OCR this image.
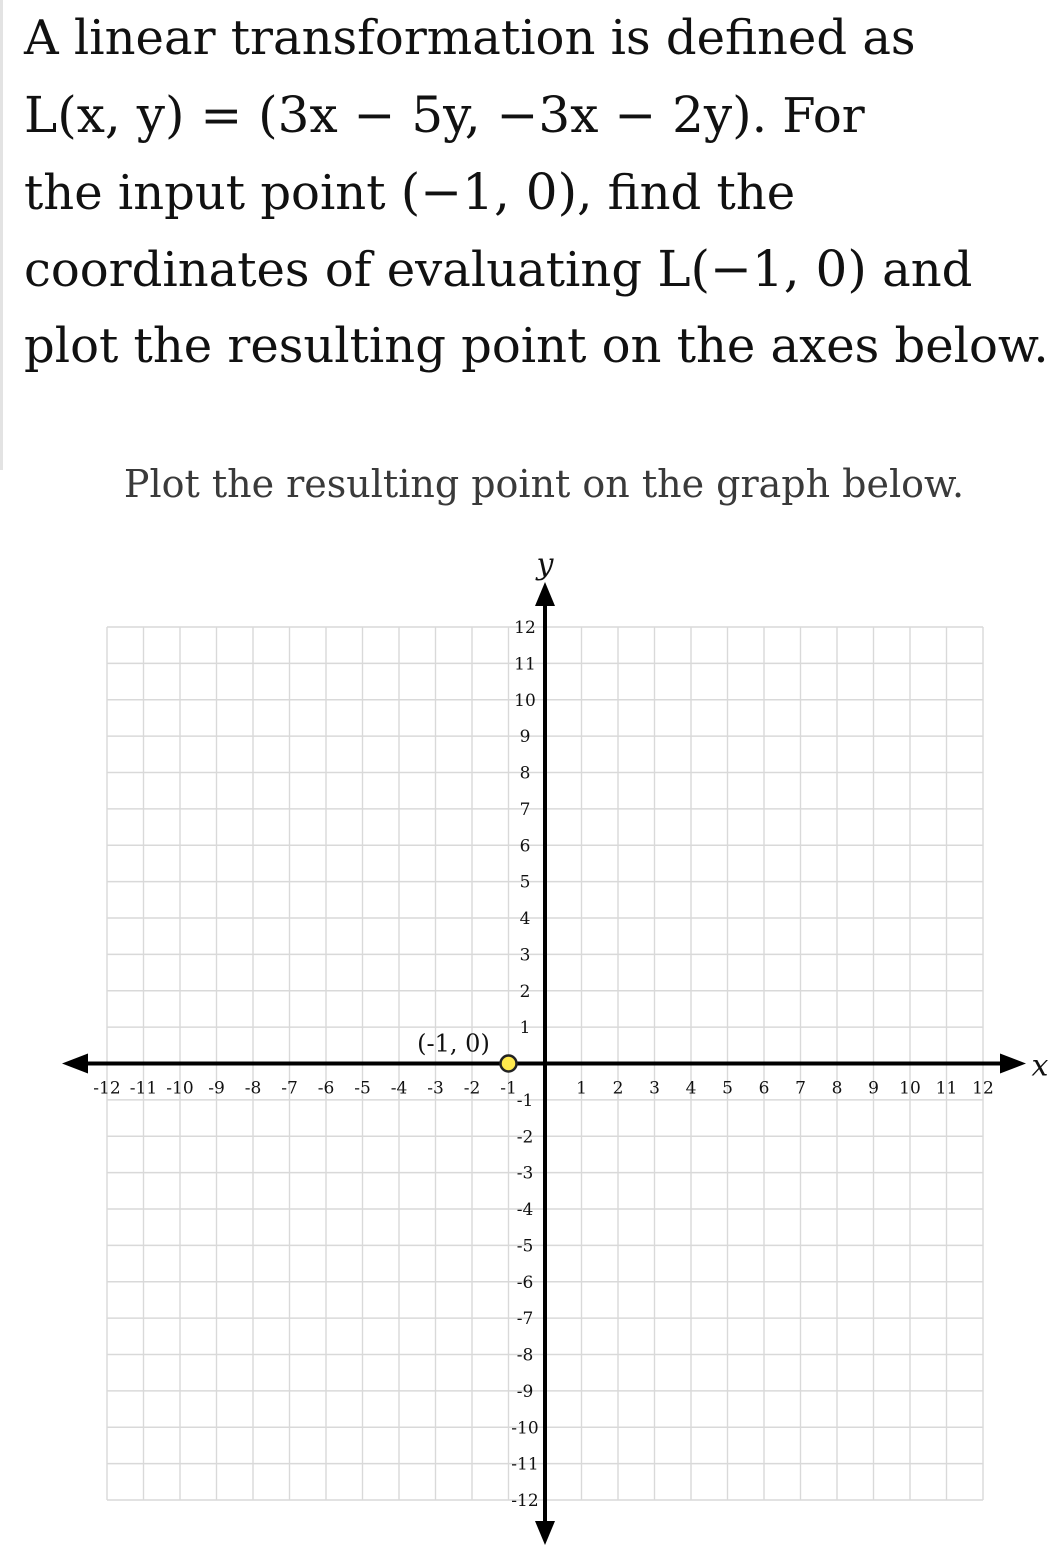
A linear transformation is defined as
L(x, y) = (3x − 5y, −3x − 2y). For
the input point (−1, 0), find the
coordinates of evaluating L(−1, 0) and
plot the resulting point on the axes below.
Plot the resulting point on the graph below.
x
y
-12 -11 -10 -9 -8 -7 -6 -5 -4 -3 -2 -1	1 2 3 4 5 6 7 8 9 10 11 12
12
11
10
9
8
7
6
5
4
3
2
1
-1
-2
-3
-4
-5
-6
-7
-8
-9
-10
-11
-12
(-1, 0)
